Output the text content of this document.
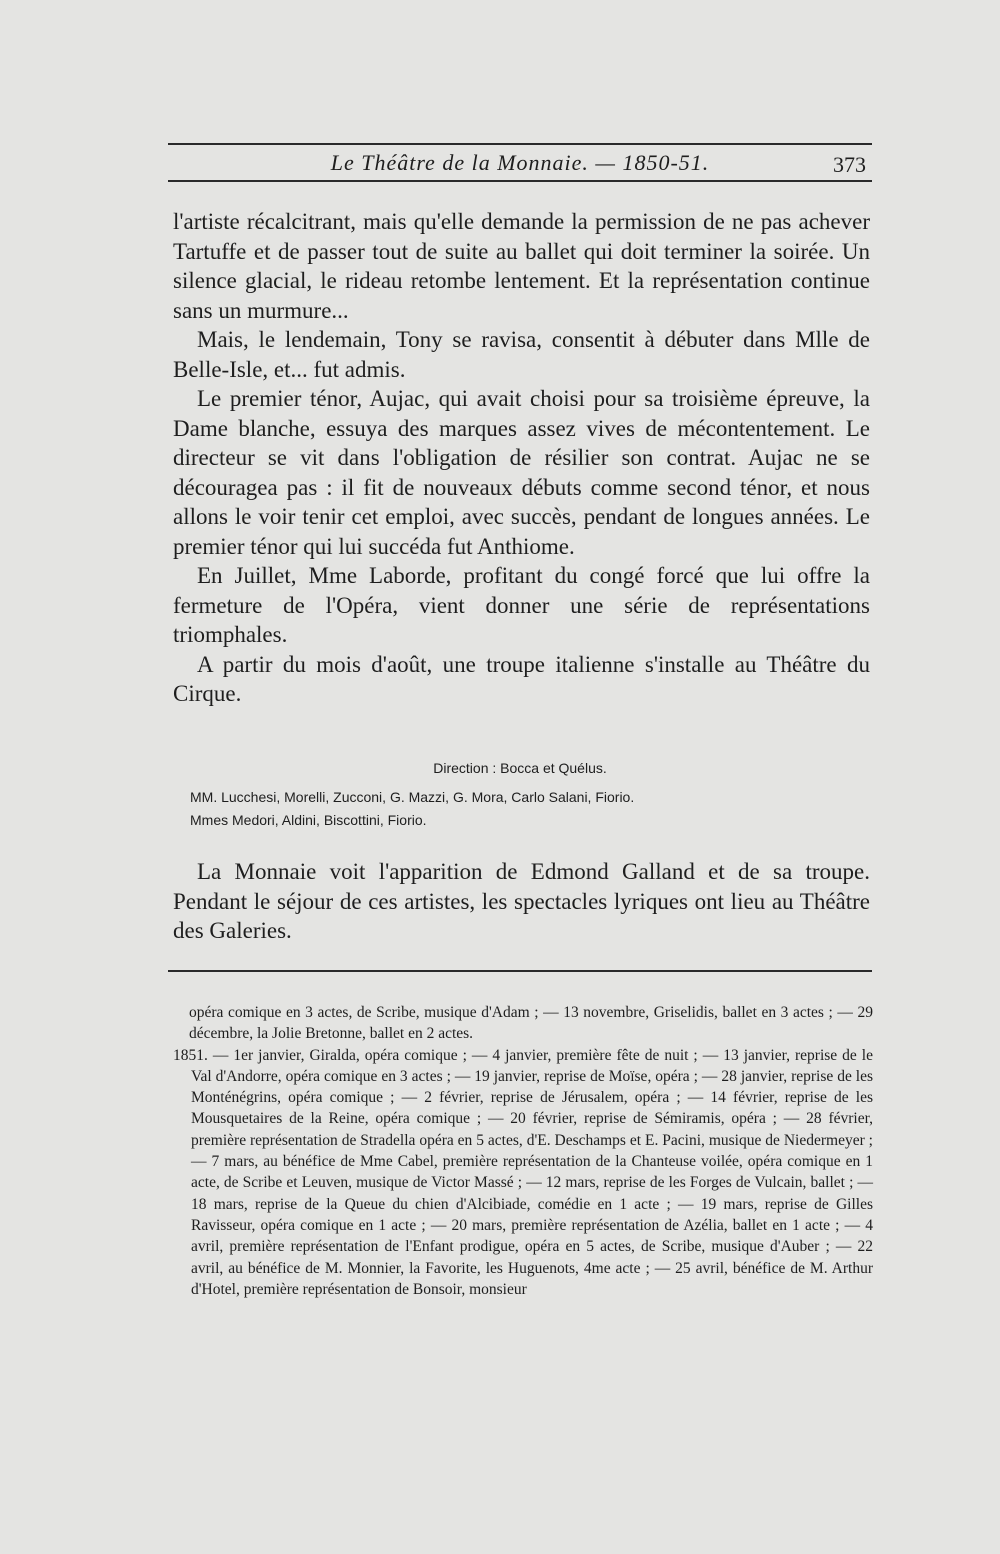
Le Théâtre de la Monnaie. — 1850-51.	373

l'artiste récalcitrant, mais qu'elle demande la permission de ne pas achever Tartuffe et de passer tout de suite au ballet qui doit terminer la soirée. Un silence glacial, le rideau retombe lentement. Et la représentation continue sans un murmure...

Mais, le lendemain, Tony se ravisa, consentit à débuter dans Mlle de Belle-Isle, et... fut admis.

Le premier ténor, Aujac, qui avait choisi pour sa troisième épreuve, la Dame blanche, essuya des marques assez vives de mécontentement. Le directeur se vit dans l'obligation de résilier son contrat. Aujac ne se découragea pas : il fit de nouveaux débuts comme second ténor, et nous allons le voir tenir cet emploi, avec succès, pendant de longues années. Le premier ténor qui lui succéda fut Anthiome.

En Juillet, Mme Laborde, profitant du congé forcé que lui offre la fermeture de l'Opéra, vient donner une série de représentations triomphales.

A partir du mois d'août, une troupe italienne s'installe au Théâtre du Cirque.

Direction : Bocca et Quélus.

MM. Lucchesi, Morelli, Zucconi, G. Mazzi, G. Mora, Carlo Salani, Fiorio.

Mmes Medori, Aldini, Biscottini, Fiorio.

La Monnaie voit l'apparition de Edmond Galland et de sa troupe. Pendant le séjour de ces artistes, les spectacles lyriques ont lieu au Théâtre des Galeries.

opéra comique en 3 actes, de Scribe, musique d'Adam ; — 13 novembre, Griselidis, ballet en 3 actes ; — 29 décembre, la Jolie Bretonne, ballet en 2 actes.

1851. — 1er janvier, Giralda, opéra comique ; — 4 janvier, première fête de nuit ; — 13 janvier, reprise de le Val d'Andorre, opéra comique en 3 actes ; — 19 janvier, reprise de Moïse, opéra ; — 28 janvier, reprise de les Monténégrins, opéra comique ; — 2 février, reprise de Jérusalem, opéra ; — 14 février, reprise de les Mousquetaires de la Reine, opéra comique ; — 20 février, reprise de Sémiramis, opéra ; — 28 février, première représentation de Stradella opéra en 5 actes, d'E. Deschamps et E. Pacini, musique de Niedermeyer ; — 7 mars, au bénéfice de Mme Cabel, première représentation de la Chanteuse voilée, opéra comique en 1 acte, de Scribe et Leuven, musique de Victor Massé ; — 12 mars, reprise de les Forges de Vulcain, ballet ; — 18 mars, reprise de la Queue du chien d'Alcibiade, comédie en 1 acte ; — 19 mars, reprise de Gilles Ravisseur, opéra comique en 1 acte ; — 20 mars, première représentation de Azélia, ballet en 1 acte ; — 4 avril, première représentation de l'Enfant prodigue, opéra en 5 actes, de Scribe, musique d'Auber ; — 22 avril, au bénéfice de M. Monnier, la Favorite, les Huguenots, 4me acte ; — 25 avril, bénéfice de M. Arthur d'Hotel, première représentation de Bonsoir, monsieur
